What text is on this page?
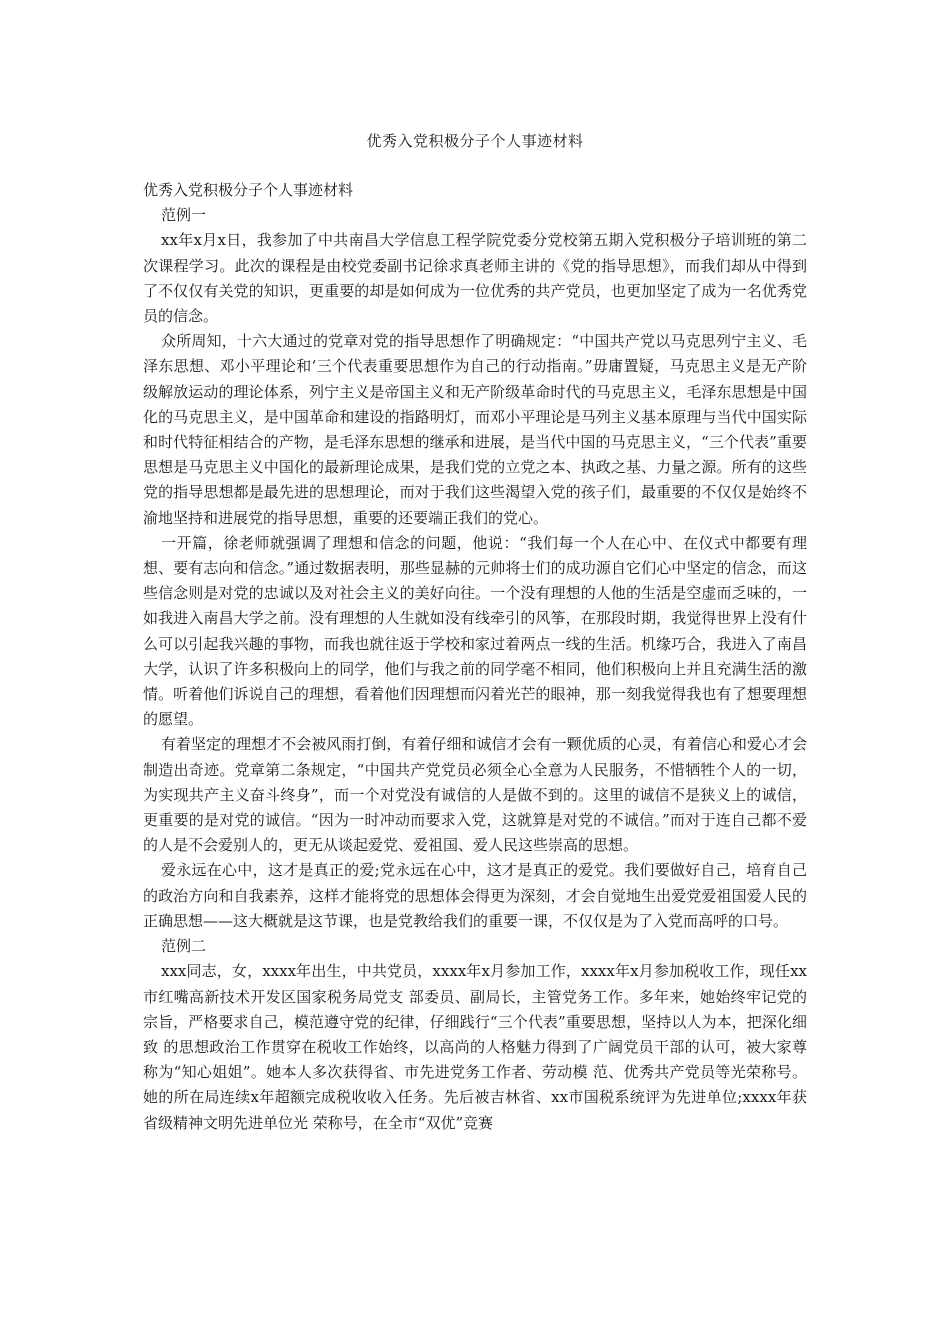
优秀入党积极分子个人事迹材料

优秀入党积极分子个人事迹材料

范例一

xx年x月x日，我参加了中共南昌大学信息工程学院党委分党校第五期入党积极分子培训班的第二次课程学习。此次的课程是由校党委副书记徐求真老师主讲的《党的指导思想》，而我们却从中得到了不仅仅有关党的知识，更重要的却是如何成为一位优秀的共产党员，也更加坚定了成为一名优秀党员的信念。

众所周知，十六大通过的党章对党的指导思想作了明确规定：“中国共产党以马克思列宁主义、毛泽东思想、邓小平理论和‘三个代表重要思想作为自己的行动指南。”毋庸置疑，马克思主义是无产阶级解放运动的理论体系，列宁主义是帝国主义和无产阶级革命时代的马克思主义，毛泽东思想是中国化的马克思主义，是中国革命和建设的指路明灯，而邓小平理论是马列主义基本原理与当代中国实际和时代特征相结合的产物，是毛泽东思想的继承和进展，是当代中国的马克思主义，“三个代表”重要思想是马克思主义中国化的最新理论成果，是我们党的立党之本、执政之基、力量之源。所有的这些党的指导思想都是最先进的思想理论，而对于我们这些渴望入党的孩子们，最重要的不仅仅是始终不渝地坚持和进展党的指导思想，重要的还要端正我们的党心。

一开篇，徐老师就强调了理想和信念的问题，他说：“我们每一个人在心中、在仪式中都要有理想、要有志向和信念。”通过数据表明，那些显赫的元帅将士们的成功源自它们心中坚定的信念，而这些信念则是对党的忠诚以及对社会主义的美好向往。一个没有理想的人他的生活是空虚而乏味的，一如我进入南昌大学之前。没有理想的人生就如没有线牵引的风筝，在那段时期，我觉得世界上没有什么可以引起我兴趣的事物，而我也就往返于学校和家过着两点一线的生活。机缘巧合，我进入了南昌大学，认识了许多积极向上的同学，他们与我之前的同学毫不相同，他们积极向上并且充满生活的激情。听着他们诉说自己的理想，看着他们因理想而闪着光芒的眼神，那一刻我觉得我也有了想要理想的愿望。

有着坚定的理想才不会被风雨打倒，有着仔细和诚信才会有一颗优质的心灵，有着信心和爱心才会制造出奇迹。党章第二条规定，“中国共产党党员必须全心全意为人民服务，不惜牺牲个人的一切，为实现共产主义奋斗终身”，而一个对党没有诚信的人是做不到的。这里的诚信不是狭义上的诚信，更重要的是对党的诚信。“因为一时冲动而要求入党，这就算是对党的不诚信。”而对于连自己都不爱的人是不会爱别人的，更无从谈起爱党、爱祖国、爱人民这些崇高的思想。

爱永远在心中，这才是真正的爱;党永远在心中，这才是真正的爱党。我们要做好自己，培育自己的政治方向和自我素养，这样才能将党的思想体会得更为深刻，才会自觉地生出爱党爱祖国爱人民的正确思想——这大概就是这节课，也是党教给我们的重要一课，不仅仅是为了入党而高呼的口号。

范例二

xxx同志，女，xxxx年出生，中共党员，xxxx年x月参加工作，xxxx年x月参加税收工作，现任xx市红嘴高新技术开发区国家税务局党支 部委员、副局长，主管党务工作。多年来，她始终牢记党的宗旨，严格要求自己，模范遵守党的纪律，仔细践行“三个代表”重要思想，坚持以人为本，把深化细致 的思想政治工作贯穿在税收工作始终，以高尚的人格魅力得到了广阔党员干部的认可，被大家尊称为“知心姐姐”。她本人多次获得省、市先进党务工作者、劳动模 范、优秀共产党员等光荣称号。她的所在局连续x年超额完成税收收入任务。先后被吉林省、xx市国税系统评为先进单位;xxxx年获省级精神文明先进单位光 荣称号，在全市“双优”竞赛
